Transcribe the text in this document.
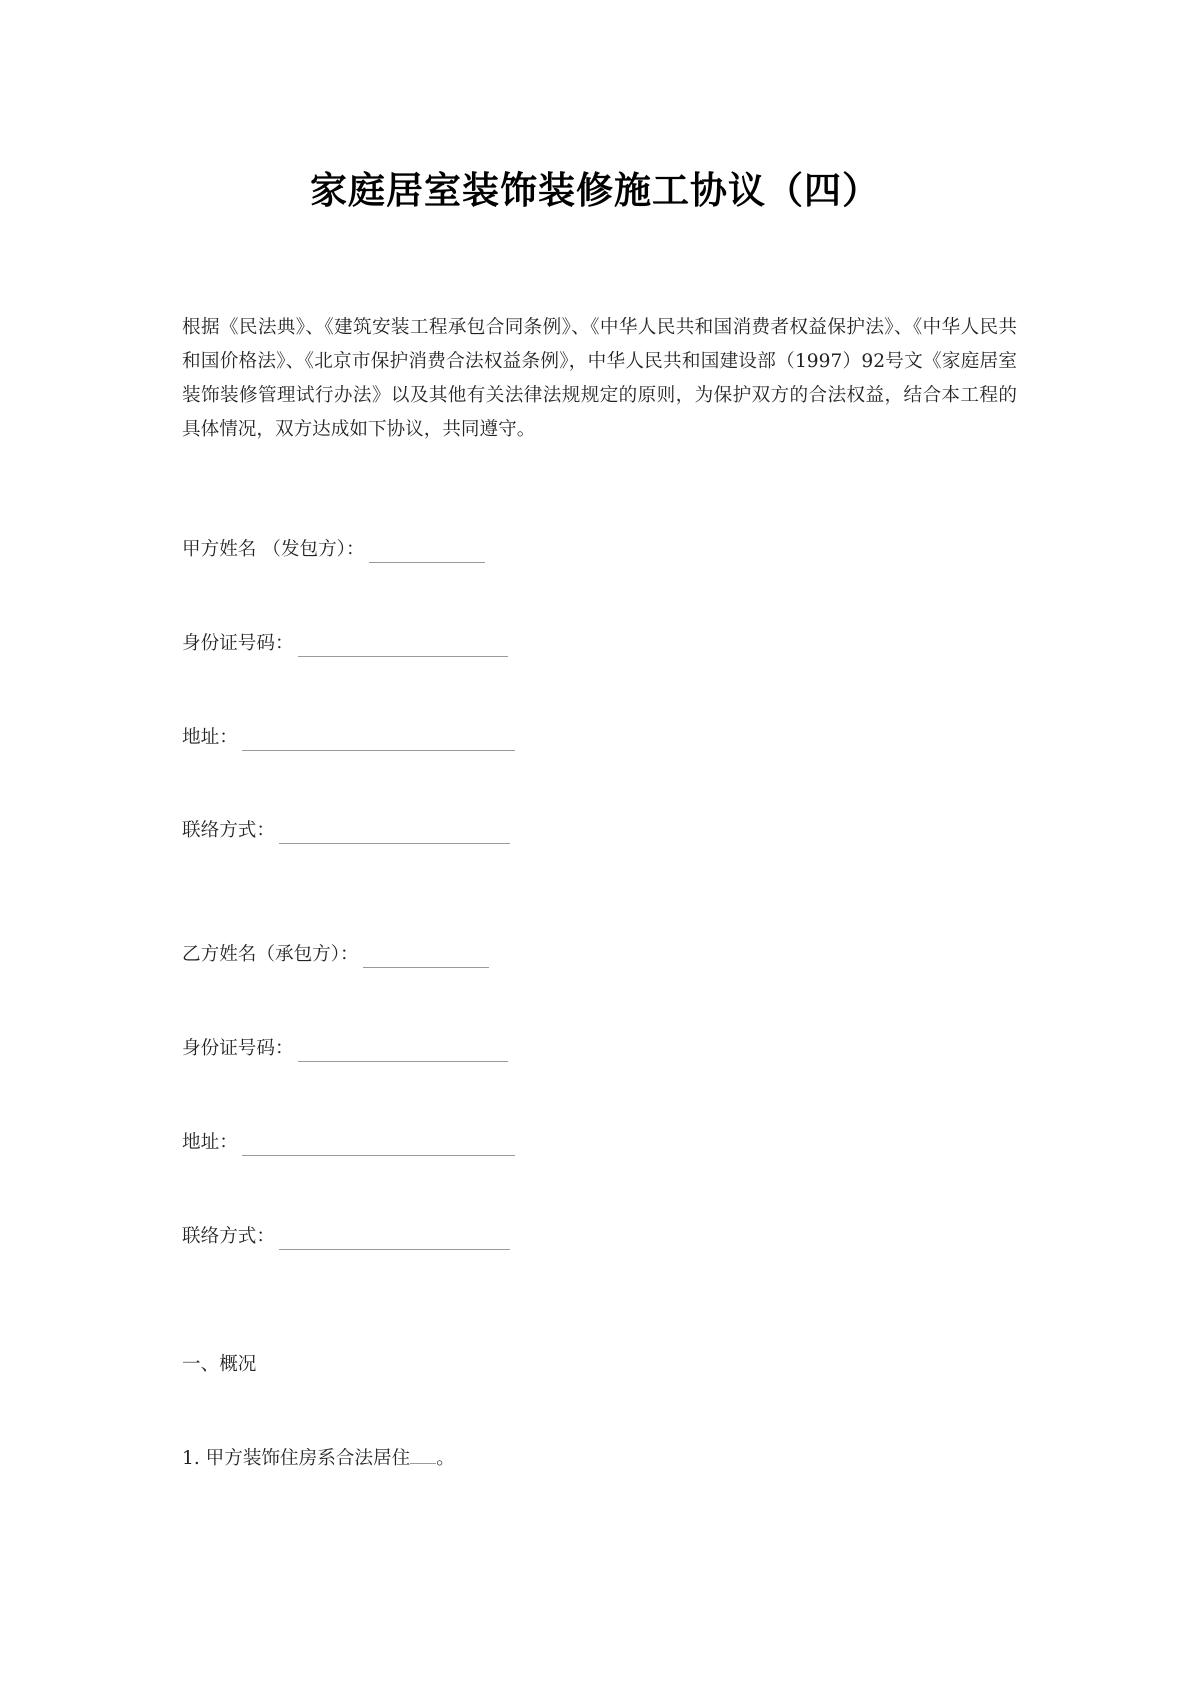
家庭居室装饰装修施工协议（四）
根据《民法典》、《建筑安装工程承包合同条例》、《中华人民共和国消费者权益保护法》、《中华人民共和国价格法》、《北京市保护消费合法权益条例》，中华人民共和国建设部（1997）92号文《家庭居室装饰装修管理试行办法》以及其他有关法律法规规定的原则，为保护双方的合法权益，结合本工程的具体情况，双方达成如下协议，共同遵守。
甲方姓名 （发包方）：
身份证号码：
地址：
联络方式：
乙方姓名（承包方）：
身份证号码：
地址：
联络方式：
一、概况
1. 甲方装饰住房系合法居住 。
